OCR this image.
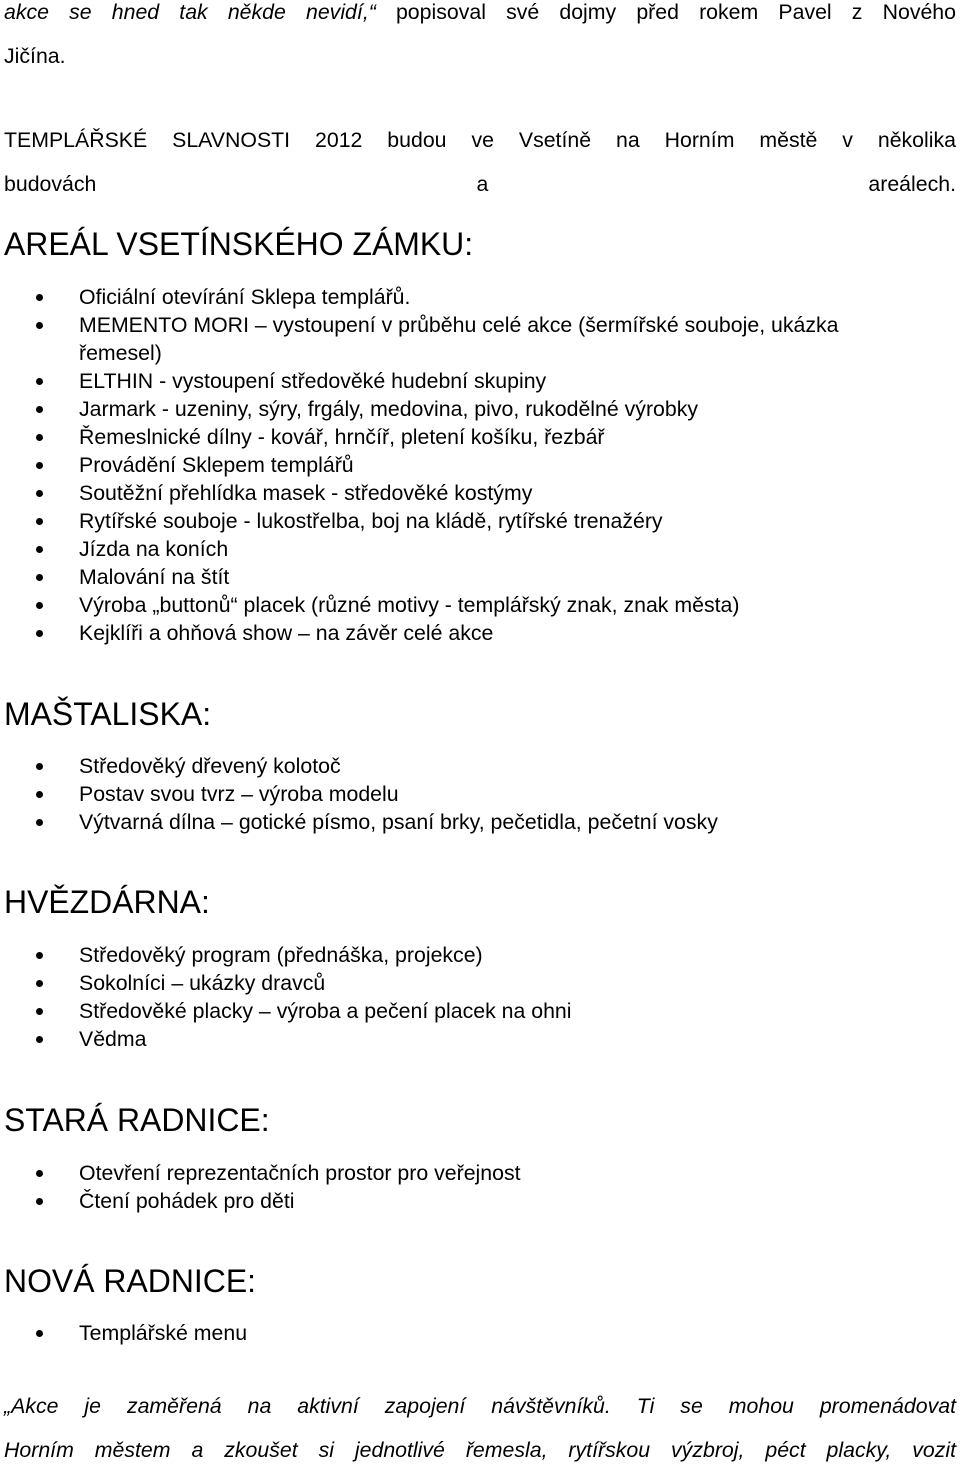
akce se hned tak někde nevidí,“ popisoval své dojmy před rokem Pavel z Nového
Jičína.
TEMPLÁŘSKÉ SLAVNOSTI 2012 budou ve Vsetíně na Horním městě v několika
budovách a areálech.
AREÁL VSETÍNSKÉHO ZÁMKU:
Oficiální otevírání Sklepa templářů.
MEMENTO MORI – vystoupení v průběhu celé akce (šermířské souboje, ukázka
řemesel)
ELTHIN - vystoupení středověké hudební skupiny
Jarmark - uzeniny, sýry, frgály, medovina, pivo, rukodělné výrobky
Řemeslnické dílny - kovář, hrnčíř, pletení košíku, řezbář
Provádění Sklepem templářů
Soutěžní přehlídka masek - středověké kostýmy
Rytířské souboje - lukostřelba, boj na kládě, rytířské trenažéry
Jízda na koních
Malování na štít
Výroba „buttonů“ placek (různé motivy - templářský znak, znak města)
Kejklíři a ohňová show – na závěr celé akce
MAŠTALISKA:
Středověký dřevený kolotoč
Postav svou tvrz – výroba modelu
Výtvarná dílna – gotické písmo, psaní brky, pečetidla, pečetní vosky
HVĚZDÁRNA:
Středověký program (přednáška, projekce)
Sokolníci – ukázky dravců
Středověké placky – výroba a pečení placek na ohni
Vědma
STARÁ RADNICE:
Otevření reprezentačních prostor pro veřejnost
Čtení pohádek pro děti
NOVÁ RADNICE:
Templářské menu
„Akce je zaměřená na aktivní zapojení návštěvníků. Ti se mohou promenádovat
Horním městem a zkoušet si jednotlivé řemesla, rytířskou výzbroj, péct placky, vozit
